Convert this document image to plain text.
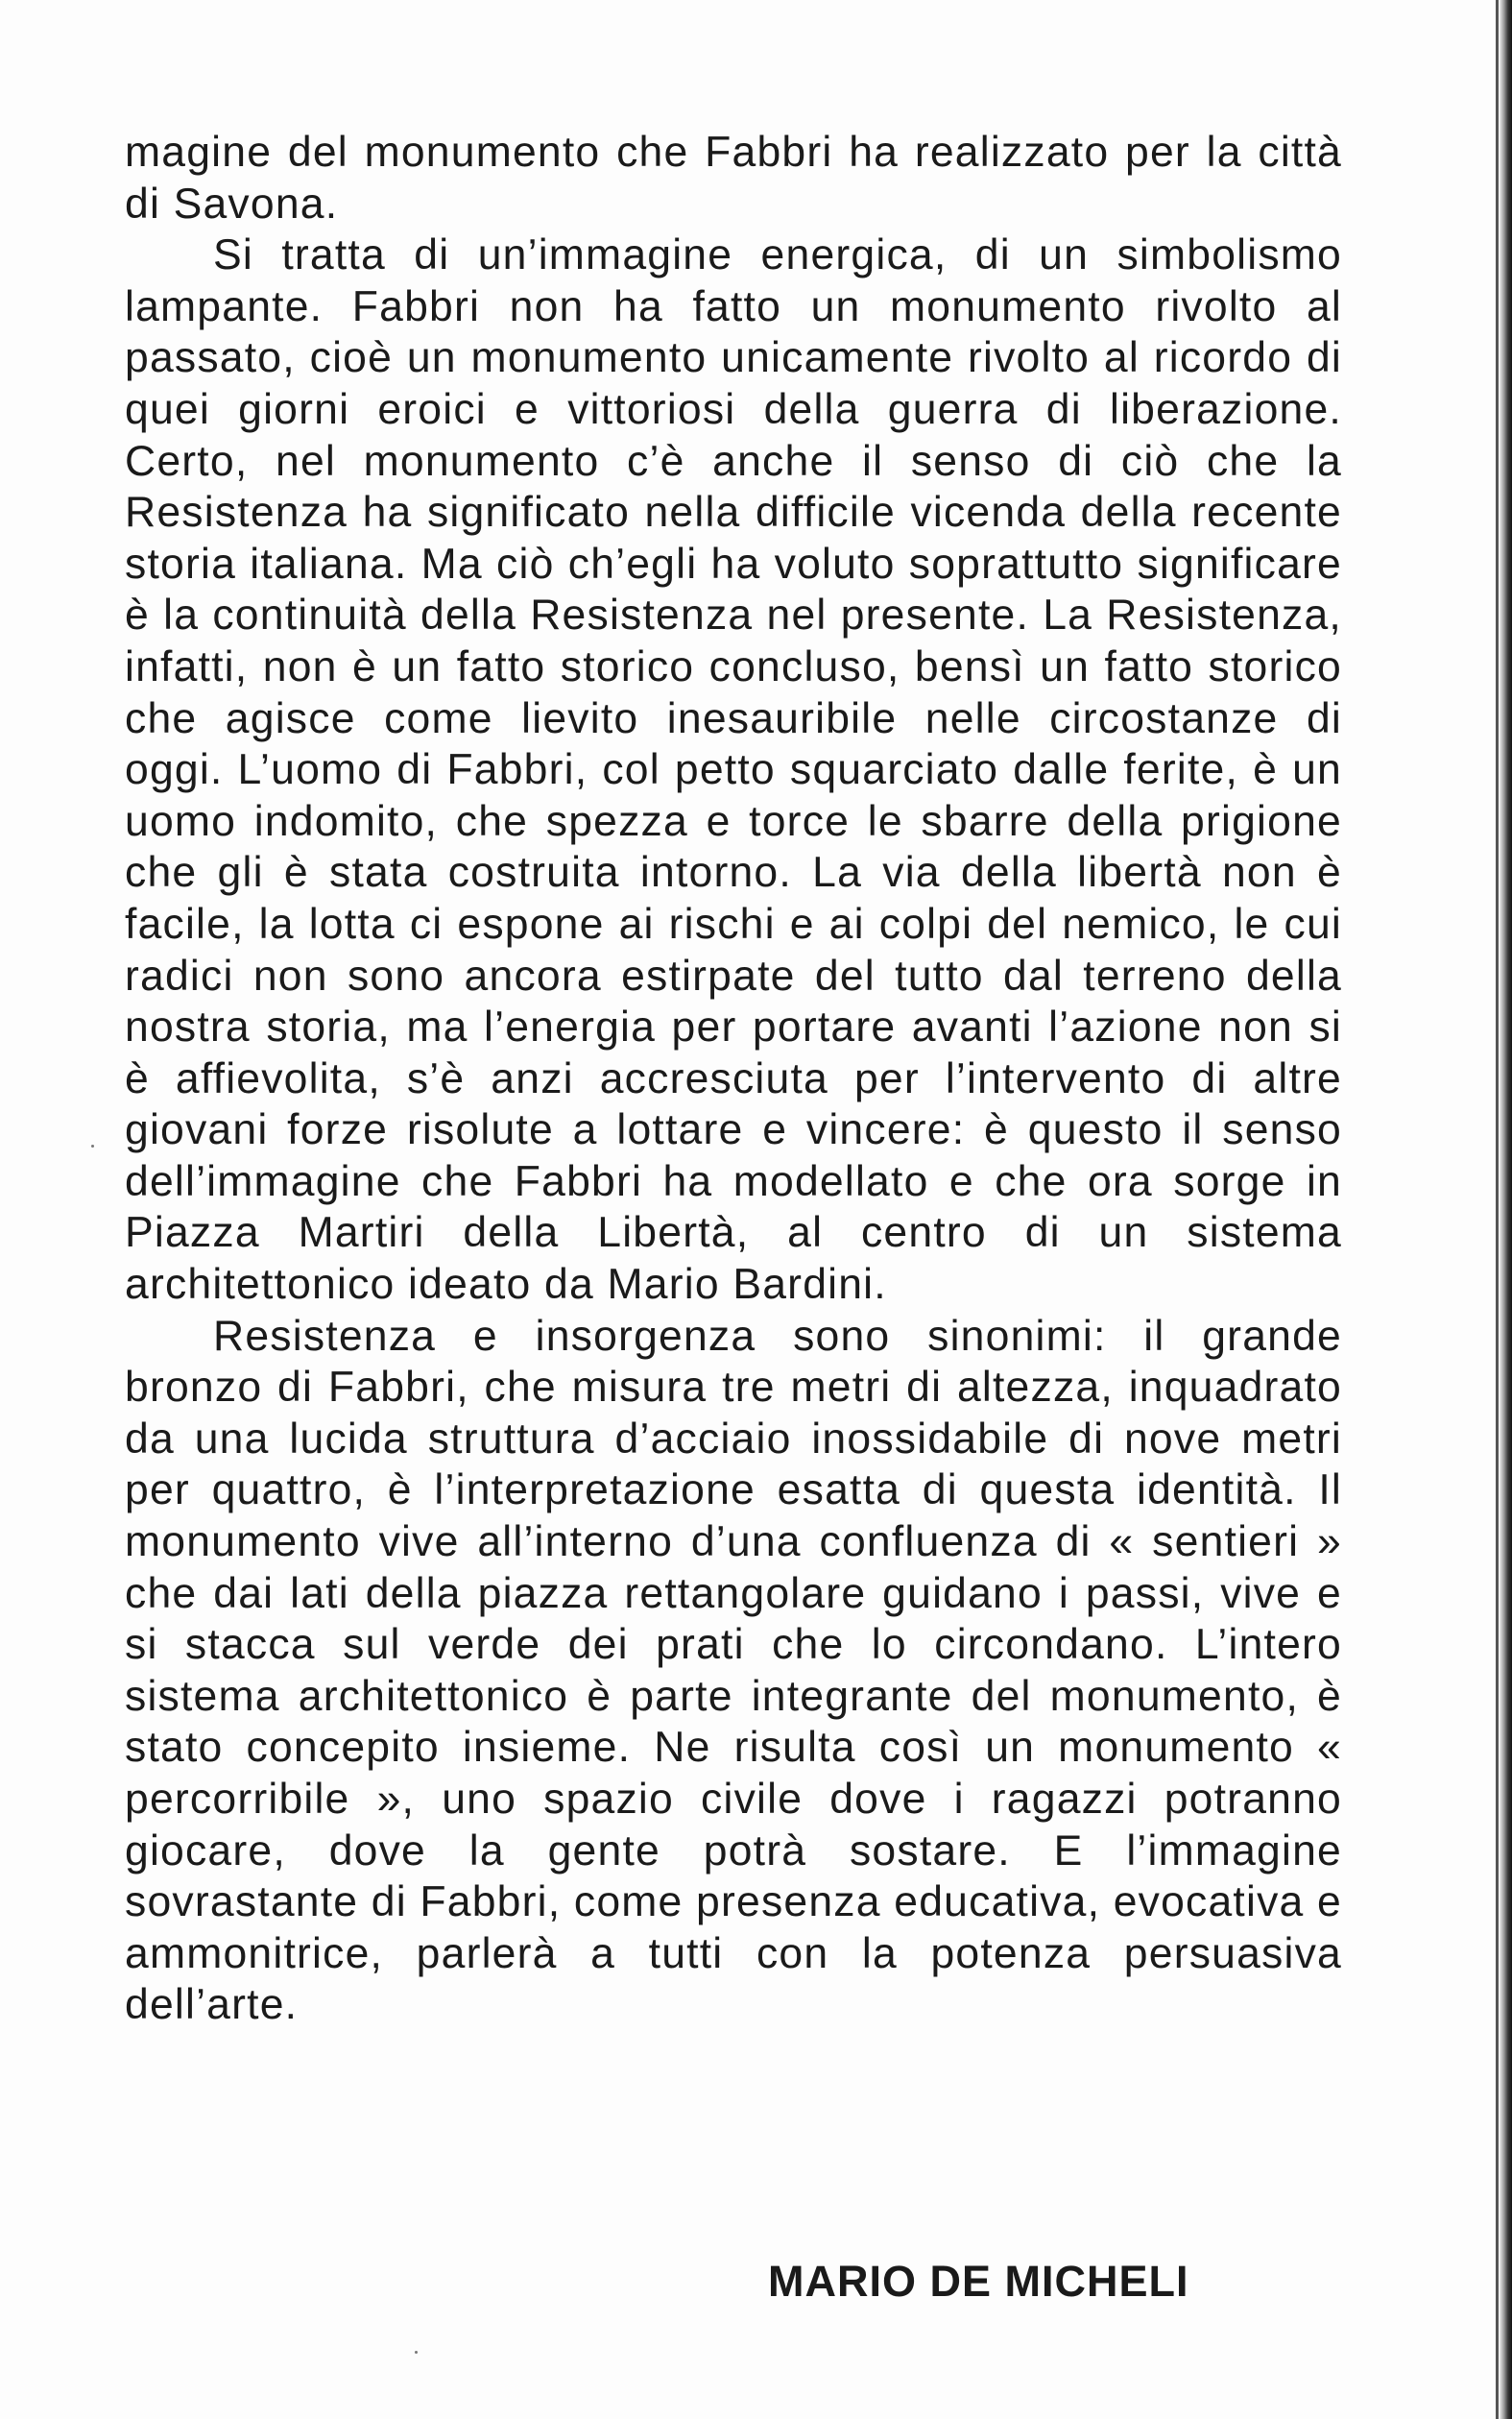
magine del monumento che Fabbri ha realizzato per la città di Savona.

Si tratta di un’immagine energica, di un simbolismo lampante. Fabbri non ha fatto un monumento rivolto al passato, cioè un monumento unicamente rivolto al ricordo di quei giorni eroici e vittoriosi della guerra di liberazione. Certo, nel monumento c’è anche il senso di ciò che la Resistenza ha significato nella difficile vicenda della recente storia italiana. Ma ciò ch’egli ha voluto soprattutto significare è la continuità della Resistenza nel presente. La Resistenza, infatti, non è un fatto storico concluso, bensì un fatto storico che agisce come lievito inesauribile nelle circostanze di oggi. L’uomo di Fabbri, col petto squarciato dalle ferite, è un uomo indomito, che spezza e torce le sbarre della prigione che gli è stata costruita intorno. La via della libertà non è facile, la lotta ci espone ai rischi e ai colpi del nemico, le cui radici non sono ancora estirpate del tutto dal terreno della nostra storia, ma l’energia per portare avanti l’azione non si è affievolita, s’è anzi accresciuta per l’intervento di altre giovani forze risolute a lottare e vincere: è questo il senso dell’immagine che Fabbri ha modellato e che ora sorge in Piazza Martiri della Libertà, al centro di un sistema architettonico ideato da Mario Bardini.

Resistenza e insorgenza sono sinonimi: il grande bronzo di Fabbri, che misura tre metri di altezza, inquadrato da una lucida struttura d’acciaio inossidabile di nove metri per quattro, è l’interpretazione esatta di questa identità. Il monumento vive all’interno d’una confluenza di « sentieri » che dai lati della piazza rettangolare guidano i passi, vive e si stacca sul verde dei prati che lo circondano. L’intero sistema architettonico è parte integrante del monumento, è stato concepito insieme. Ne risulta così un monumento « percorribile », uno spazio civile dove i ragazzi potranno giocare, dove la gente potrà sostare. E l’immagine sovrastante di Fabbri, come presenza educativa, evocativa e ammonitrice, parlerà a tutti con la potenza persuasiva dell’arte.

MARIO DE MICHELI
